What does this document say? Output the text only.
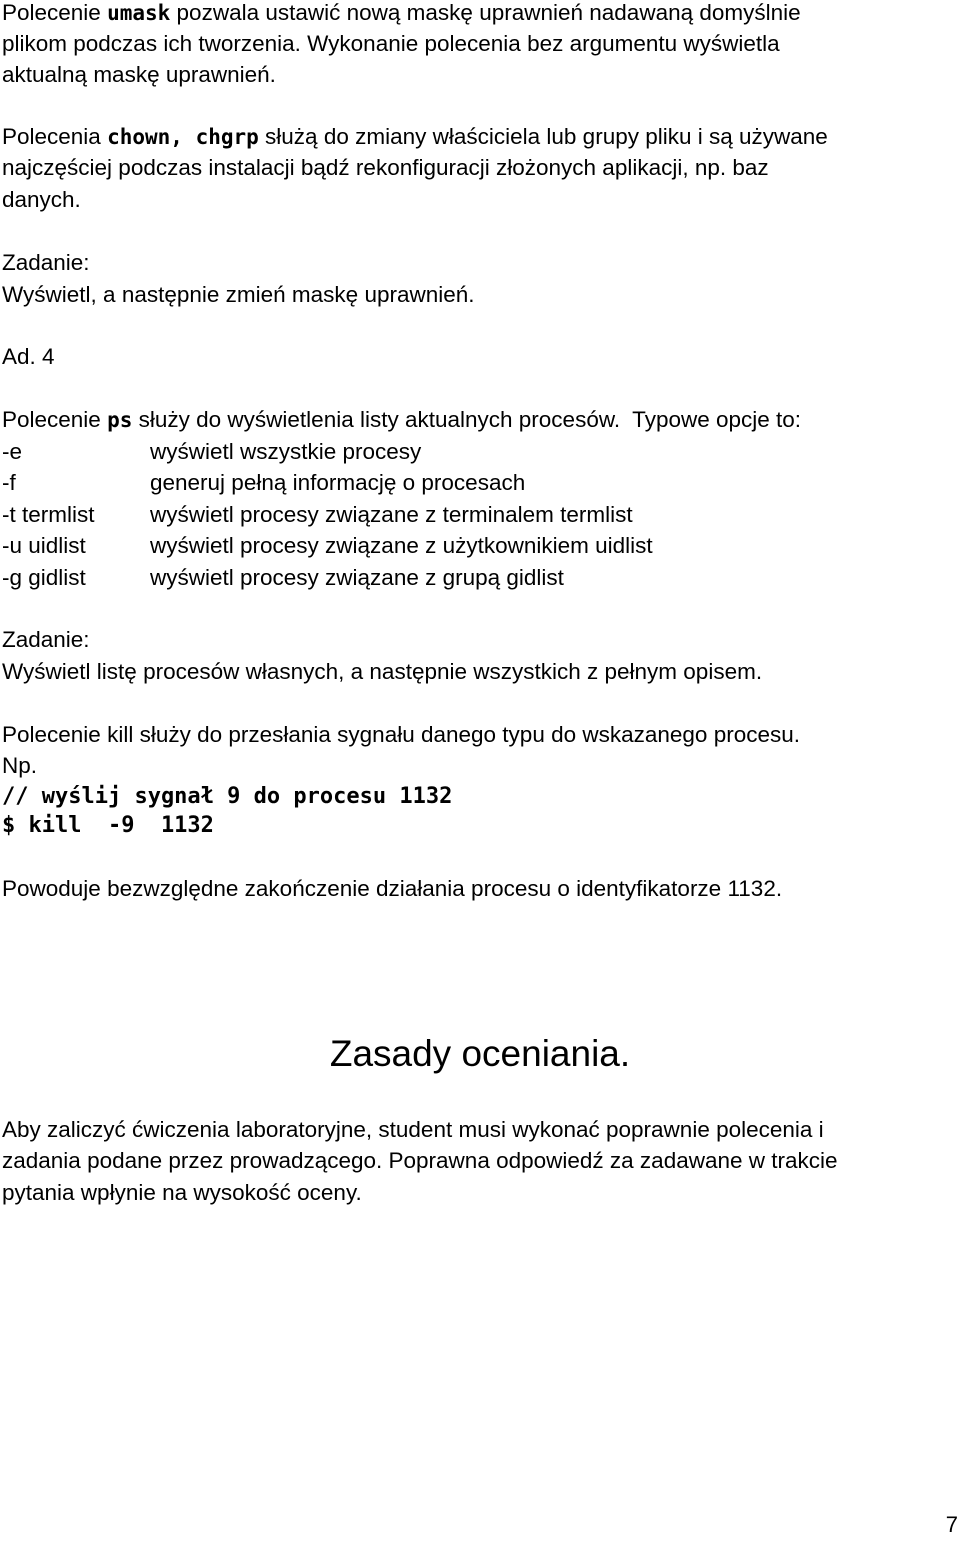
Polecenie umask pozwala ustawić nową maskę uprawnień nadawaną domyślnie

plikom podczas ich tworzenia. Wykonanie polecenia bez argumentu wyświetla

aktualną maskę uprawnień.

Polecenia chown, chgrp służą do zmiany właściciela lub grupy pliku i są używane

najczęściej podczas instalacji bądź rekonfiguracji złożonych aplikacji, np. baz

danych.

Zadanie:

Wyświetl, a następnie zmień maskę uprawnień.

Ad. 4

Polecenie ps służy do wyświetlenia listy aktualnych procesów.  Typowe opcje to:

-e	wyświetl wszystkie procesy
-f	generuj pełną informację o procesach
-t termlist wyświetl procesy związane z terminalem termlist
-u uidlist	wyświetl procesy związane z użytkownikiem uidlist
-g gidlist	wyświetl procesy związane z grupą gidlist

Zadanie:

Wyświetl listę procesów własnych, a następnie wszystkich z pełnym opisem.

Polecenie kill służy do przesłania sygnału danego typu do wskazanego procesu.

Np.

// wyślij sygnał 9 do procesu 1132
$ kill  -9  1132

Powoduje bezwzględne zakończenie działania procesu o identyfikatorze 1132.

Zasady oceniania.

Aby zaliczyć ćwiczenia laboratoryjne, student musi wykonać poprawnie polecenia i

zadania podane przez prowadzącego. Poprawna odpowiedź za zadawane w trakcie

pytania wpłynie na wysokość oceny.

7
